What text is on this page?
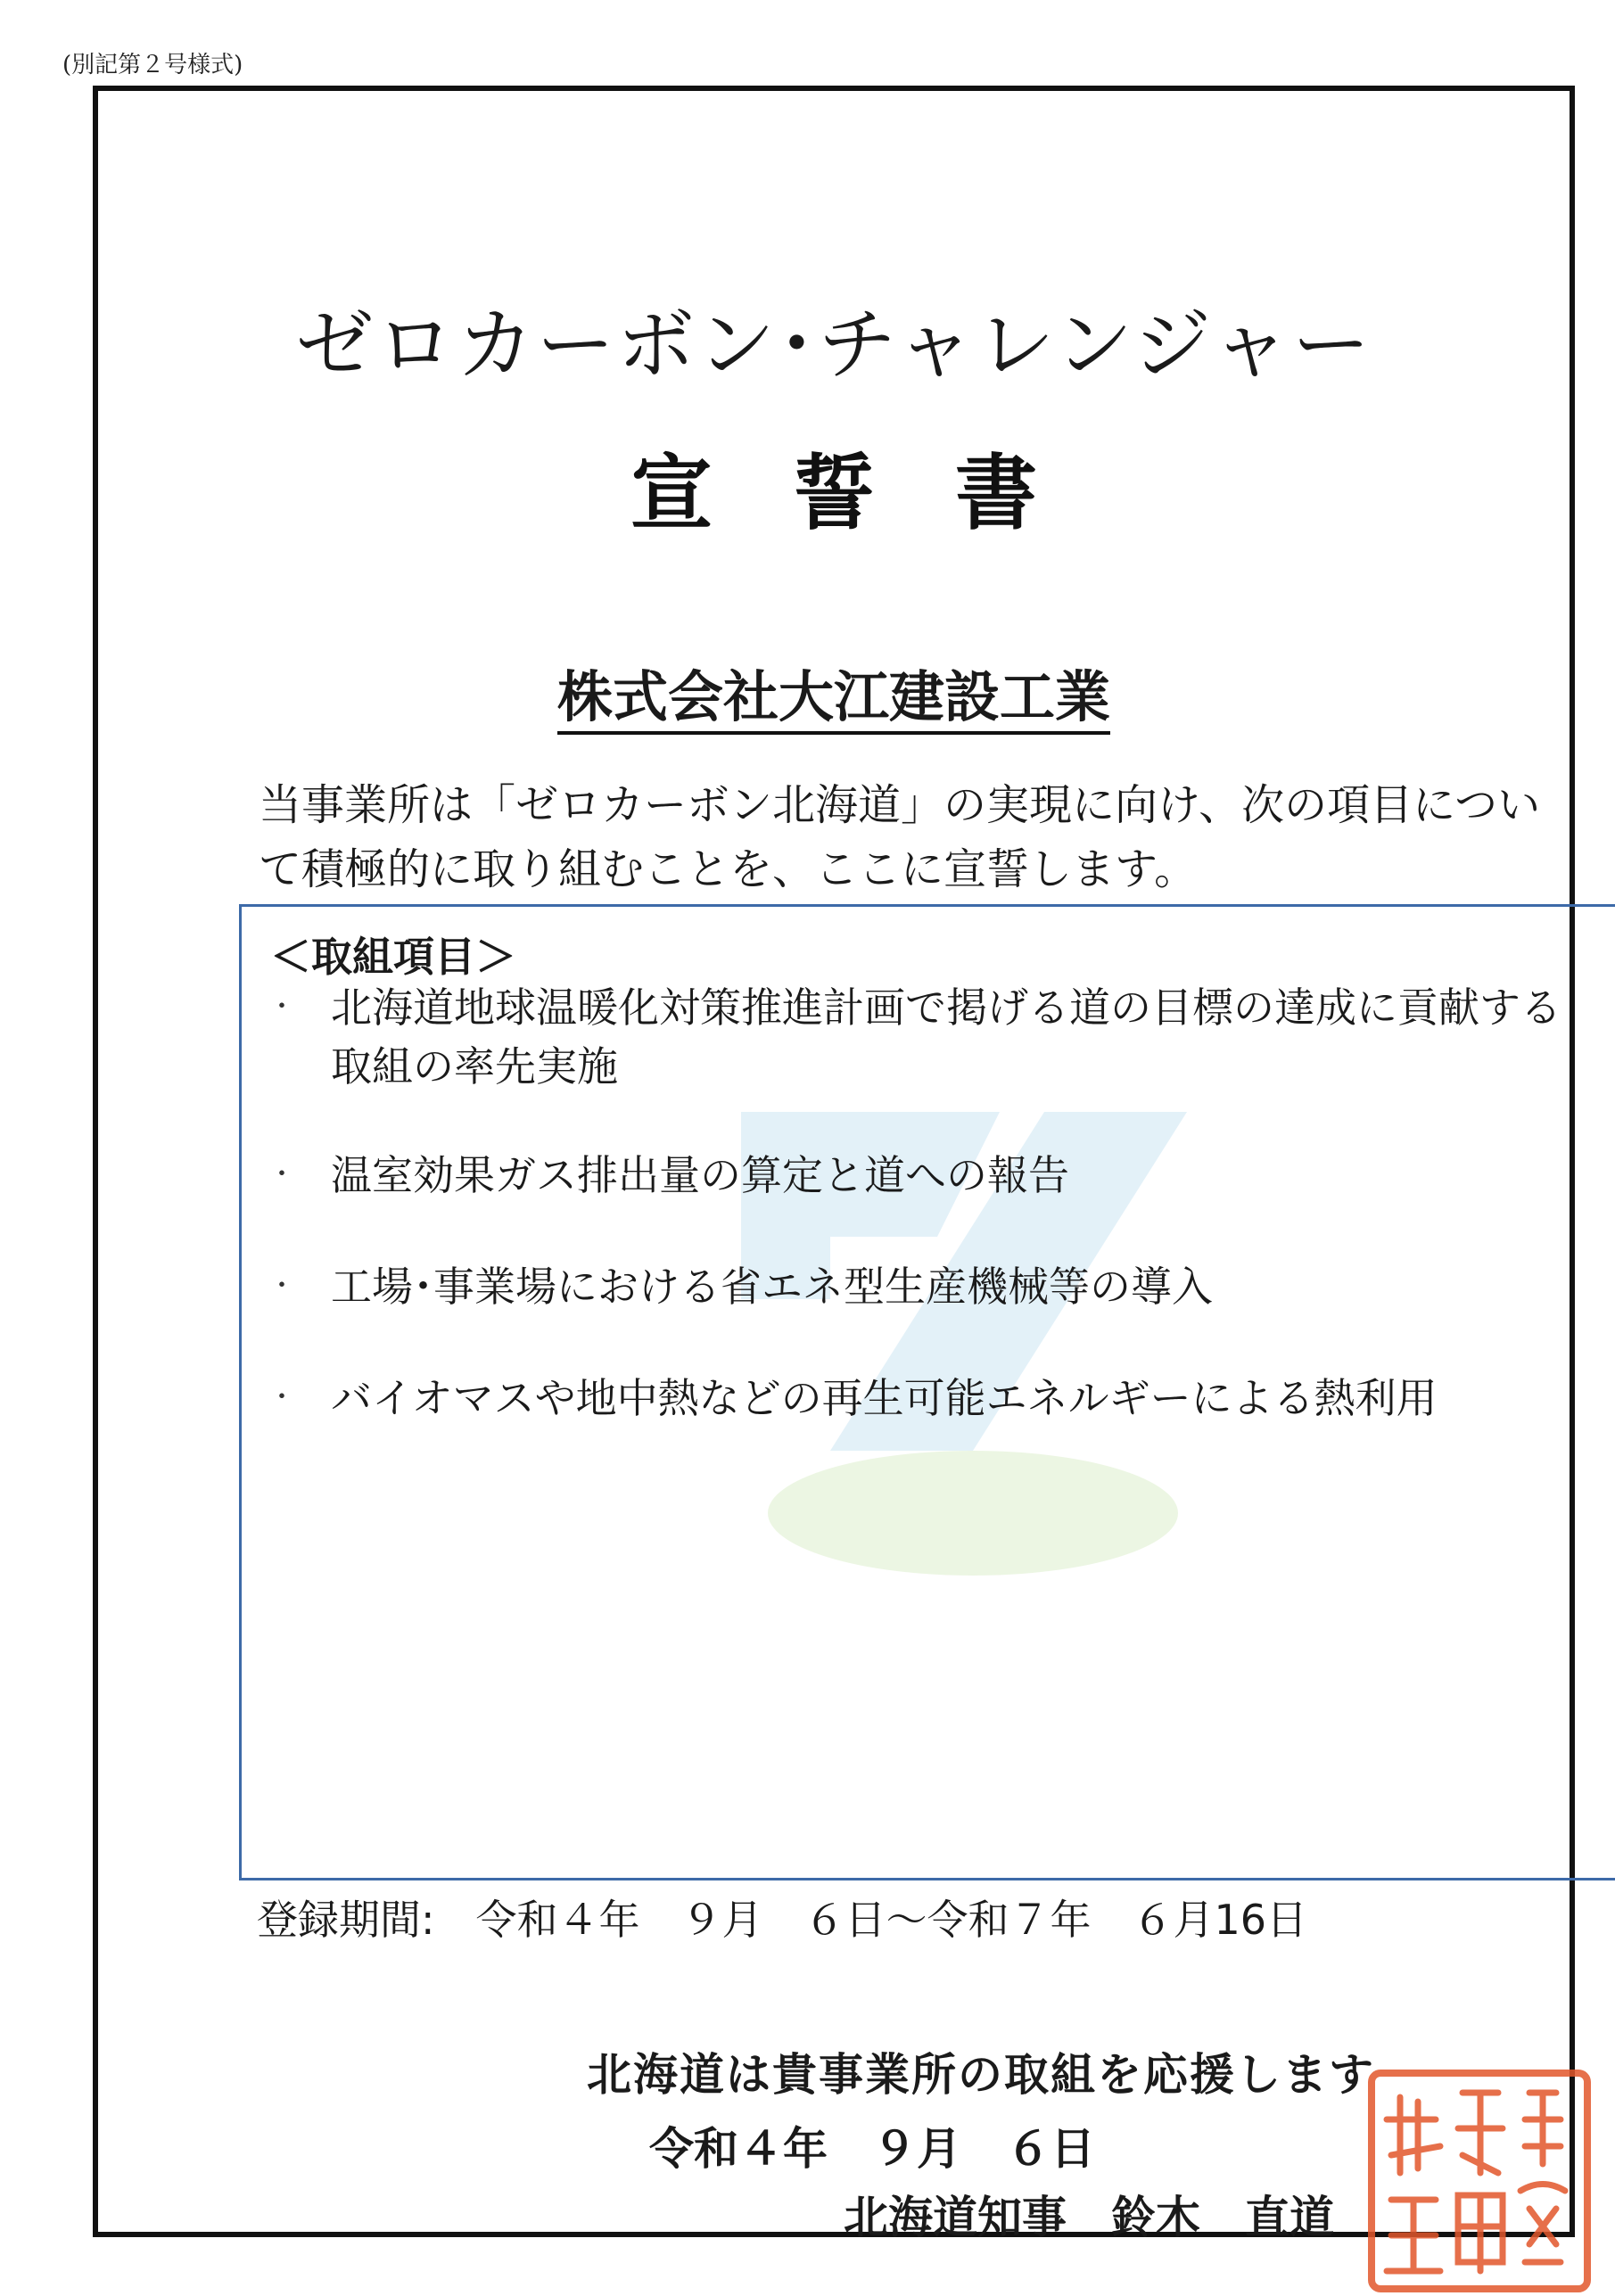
(別記第２号様式)
ゼロカーボン･チャレンジャー
宣誓書
株式会社大江建設工業
当事業所は「ゼロカーボン北海道」の実現に向け、次の項目について積極的に取り組むことを、ここに宣誓します。
＜取組項目＞
・ 北海道地球温暖化対策推進計画で掲げる道の目標の達成に貢献する取組の率先実施
・ 温室効果ガス排出量の算定と道への報告
・ 工場･事業場における省エネ型生産機械等の導入
・ バイオマスや地中熱などの再生可能エネルギーによる熱利用
登録期間:　令和４年　９月　６日～令和７年　６月16日
北海道は貴事業所の取組を応援します
令和４年　９月　６日
北海道知事　鈴木　直道
